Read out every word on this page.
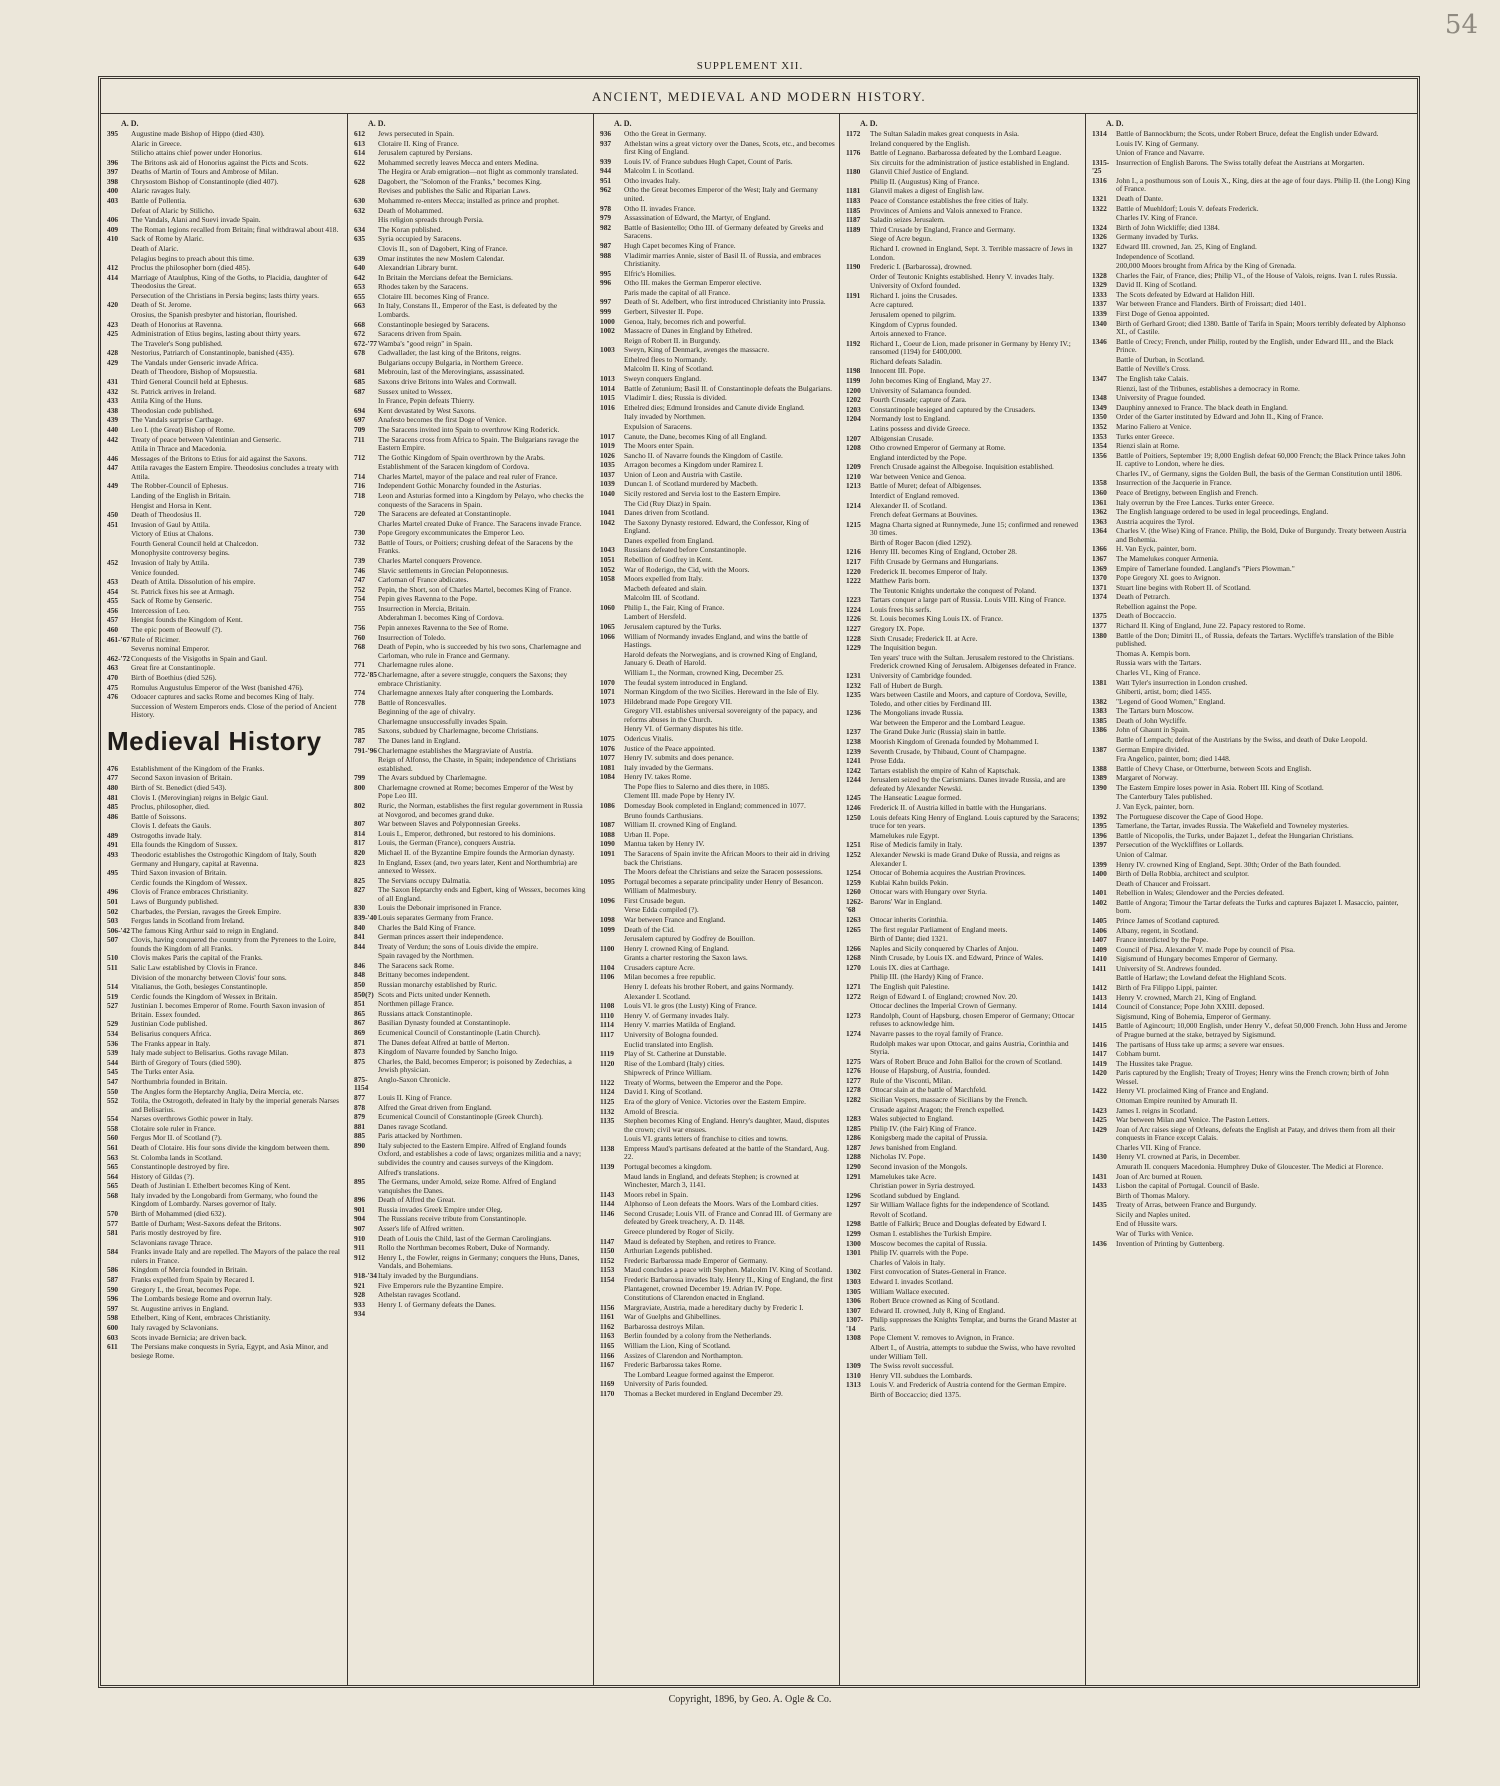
54
SUPPLEMENT XII.
ANCIENT, MEDIEVAL AND MODERN HISTORY.
A. D.
395	Augustine made Bishop of Hippo (died 430).
Alaric in Greece.
Stilicho attains chief power under Honorius.
396	The Britons ask aid of Honorius against the Picts and Scots.
397	Deaths of Martin of Tours and Ambrose of Milan.
398	Chrysostom Bishop of Constantinople (died 407).
400	Alaric ravages Italy.
403	Battle of Pollentia.
Defeat of Alaric by Stilicho.
406	The Vandals, Alani and Suevi invade Spain.
409	The Roman legions recalled from Britain; final withdrawal about 418.
410	Sack of Rome by Alaric.
Death of Alaric.
Pelagius begins to preach about this time.
412	Proclus the philosopher born (died 485).
414	Marriage of Ataulphus, King of the Goths, to Placidia, daughter of Theodosius the Great.
Persecution of the Christians in Persia begins; lasts thirty years.
420	Death of St. Jerome.
Orosius, the Spanish presbyter and historian, flourished.
423	Death of Honorius at Ravenna.
425	Administration of Etius begins, lasting about thirty years.
The Traveler's Song published.
428	Nestorius, Patriarch of Constantinople, banished (435).
429	The Vandals under Genseric invade Africa.
Death of Theodore, Bishop of Mopsuestia.
431	Third General Council held at Ephesus.
432	St. Patrick arrives in Ireland.
433	Attila King of the Huns.
438	Theodosian code published.
439	The Vandals surprise Carthage.
440	Leo I. (the Great) Bishop of Rome.
442	Treaty of peace between Valentinian and Genseric.
Attila in Thrace and Macedonia.
446	Messages of the Britons to Etius for aid against the Saxons.
447	Attila ravages the Eastern Empire. Theodosius concludes a treaty with Attila.
449	The Robber-Council of Ephesus.
Landing of the English in Britain.
Hengist and Horsa in Kent.
450	Death of Theodosius II.
451	Invasion of Gaul by Attila.
Victory of Etius at Chalons.
Fourth General Council held at Chalcedon.
Monophysite controversy begins.
452	Invasion of Italy by Attila.
Venice founded.
453	Death of Attila. Dissolution of his empire.
454	St. Patrick fixes his see at Armagh.
455	Sack of Rome by Genseric.
456	Intercession of Leo.
457	Hengist founds the Kingdom of Kent.
460	The epic poem of Beowulf (?).
461-'67 Rule of Ricimer.
Severus nominal Emperor.
462-'72 Conquests of the Visigoths in Spain and Gaul.
463	Great fire at Constantinople.
470	Birth of Boethius (died 526).
475	Romulus Augustulus Emperor of the West (banished 476).
476	Odoacer captures and sacks Rome and becomes King of Italy.
Succession of Western Emperors ends. Close of the period of Ancient History.
Medieval History
476	Establishment of the Kingdom of the Franks.
477	Second Saxon invasion of Britain.
480	Birth of St. Benedict (died 543).
481	Clovis I. (Merovingian) reigns in Belgic Gaul.
485	Proclus, philosopher, died.
486	Battle of Soissons.
Clovis I. defeats the Gauls.
489	Ostrogoths invade Italy.
491	Ella founds the Kingdom of Sussex.
493	Theodoric establishes the Ostrogothic Kingdom of Italy, South Germany and Hungary, capital at Ravenna.
495	Third Saxon invasion of Britain.
Cerdic founds the Kingdom of Wessex.
496	Clovis of France embraces Christianity.
501	Laws of Burgundy published.
502	Charbades, the Persian, ravages the Greek Empire.
503	Fergus lands in Scotland from Ireland.
506-'42 The famous King Arthur said to reign in England.
507	Clovis, having conquered the country from the Pyrenees to the Loire, founds the Kingdom of all Franks.
510	Clovis makes Paris the capital of the Franks.
511	Salic Law established by Clovis in France.
Division of the monarchy between Clovis' four sons.
514	Vitalianus, the Goth, besieges Constantinople.
519	Cerdic founds the Kingdom of Wessex in Britain.
527	Justinian I. becomes Emperor of Rome. Fourth Saxon invasion of Britain. Essex founded.
529	Justinian Code published.
534	Belisarius conquers Africa.
536	The Franks appear in Italy.
539	Italy made subject to Belisarius. Goths ravage Milan.
544	Birth of Gregory of Tours (died 590).
545	The Turks enter Asia.
547	Northumbria founded in Britain.
550	The Angles form the Heptarchy Anglia, Deira Mercia, etc.
552	Totila, the Ostrogoth, defeated in Italy by the imperial generals Narses and Belisarius.
554	Narses overthrows Gothic power in Italy.
558	Clotaire sole ruler in France.
560	Fergus Mor II. of Scotland (?).
561	Death of Clotaire. His four sons divide the kingdom between them.
563	St. Colomba lands in Scotland.
565	Constantinople destroyed by fire.
564	History of Gildas (?).
565	Death of Justinian I. Ethelbert becomes King of Kent.
568	Italy invaded by the Longobardi from Germany, who found the Kingdom of Lombardy. Narses governor of Italy.
570	Birth of Mohammed (died 632).
577	Battle of Durham; West-Saxons defeat the Britons.
581	Paris mostly destroyed by fire.
Sclavonians ravage Thrace.
584	Franks invade Italy and are repelled. The Mayors of the palace the real rulers in France.
586	Kingdom of Mercia founded in Britain.
587	Franks expelled from Spain by Recared I.
590	Gregory I., the Great, becomes Pope.
596	The Lombards besiege Rome and overrun Italy.
597	St. Augustine arrives in England.
598	Ethelbert, King of Kent, embraces Christianity.
600	Italy ravaged by Sclavonians.
603	Scots invade Bernicia; are driven back.
611	The Persians make conquests in Syria, Egypt, and Asia Minor, and besiege Rome.
A. D.
612	Jews persecuted in Spain.
613	Clotaire II. King of France.
614	Jerusalem captured by Persians.
622	Mohammed secretly leaves Mecca and enters Medina.
The Hegira or Arab emigration—not flight as commonly translated.
628	Dagobert, the "Solomon of the Franks," becomes King.
Revises and publishes the Salic and Riparian Laws.
630	Mohammed re-enters Mecca; installed as prince and prophet.
632	Death of Mohammed.
His religion spreads through Persia.
634	The Koran published.
635	Syria occupied by Saracens.
Clovis II., son of Dagobert, King of France.
639	Omar institutes the new Moslem Calendar.
640	Alexandrian Library burnt.
642	In Britain the Mercians defeat the Bernicians.
653	Rhodes taken by the Saracens.
655	Clotaire III. becomes King of France.
663	In Italy, Constans II., Emperor of the East, is defeated by the Lombards.
668	Constantinople besieged by Saracens.
672	Saracens driven from Spain.
672-'77 Wamba's "good reign" in Spain.
678	Cadwallader, the last king of the Britons, reigns.
Bulgarians occupy Bulgaria, in Northern Greece.
681	Mebrouin, last of the Merovingians, assassinated.
685	Saxons drive Britons into Wales and Cornwall.
687	Sussex united to Wessex.
In France, Pepin defeats Thierry.
694	Kent devastated by West Saxons.
697	Anafesto becomes the first Doge of Venice.
709	The Saracens invited into Spain to overthrow King Roderick.
711	The Saracens cross from Africa to Spain. The Bulgarians ravage the Eastern Empire.
712	The Gothic Kingdom of Spain overthrown by the Arabs.
Establishment of the Saracen kingdom of Cordova.
714	Charles Martel, mayor of the palace and real ruler of France.
716	Independent Gothic Monarchy founded in the Asturias.
718	Leon and Asturias formed into a Kingdom by Pelayo, who checks the conquests of the Saracens in Spain.
720	The Saracens are defeated at Constantinople.
Charles Martel created Duke of France. The Saracens invade France.
730	Pope Gregory excommunicates the Emperor Leo.
732	Battle of Tours, or Poitiers; crushing defeat of the Saracens by the Franks.
739	Charles Martel conquers Provence.
746	Slavic settlements in Grecian Peloponnesus.
747	Carloman of France abdicates.
752	Pepin, the Short, son of Charles Martel, becomes King of France.
754	Pepin gives Ravenna to the Pope.
755	Insurrection in Mercia, Britain.
Abderahman I. becomes King of Cordova.
756	Pepin annexes Ravenna to the See of Rome.
760	Insurrection of Toledo.
768	Death of Pepin, who is succeeded by his two sons, Charlemagne and Carloman, who rule in France and Germany.
771	Charlemagne rules alone.
772-'85 Charlemagne, after a severe struggle, conquers the Saxons; they embrace Christianity.
774	Charlemagne annexes Italy after conquering the Lombards.
778	Battle of Roncesvalles.
Beginning of the age of chivalry.
Charlemagne unsuccessfully invades Spain.
785	Saxons, subdued by Charlemagne, become Christians.
787	The Danes land in England.
791-'96 Charlemagne establishes the Margraviate of Austria.
Reign of Alfonso, the Chaste, in Spain; independence of Christians established.
799	The Avars subdued by Charlemagne.
800	Charlemagne crowned at Rome; becomes Emperor of the West by Pope Leo III.
802	Ruric, the Norman, establishes the first regular government in Russia at Novgorod, and becomes grand duke.
807	War between Slaves and Polyponnesian Greeks.
814	Louis I., Emperor, dethroned, but restored to his dominions.
817	Louis, the German (France), conquers Austria.
820	Michael II. of the Byzantine Empire founds the Armorian dynasty.
823	In England, Essex (and, two years later, Kent and Northumbria) are annexed to Wessex.
825	The Servians occupy Dalmatia.
827	The Saxon Heptarchy ends and Egbert, king of Wessex, becomes king of all England.
830	Louis the Debonair imprisoned in France.
839-'40 Louis separates Germany from France.
840	Charles the Bald King of France.
841	German princes assert their independence.
844	Treaty of Verdun; the sons of Louis divide the empire.
Spain ravaged by the Northmen.
846	The Saracens sack Rome.
848	Brittany becomes independent.
850	Russian monarchy established by Ruric.
850(?) Scots and Picts united under Kenneth.
851	Northmen pillage France.
865	Russians attack Constantinople.
867	Basilian Dynasty founded at Constantinople.
869	Ecumenical Council of Constantinople (Latin Church).
871	The Danes defeat Alfred at battle of Merton.
873	Kingdom of Navarre founded by Sancho Inigo.
875	Charles, the Bald, becomes Emperor; is poisoned by Zedechias, a Jewish physician.
875-1154
Anglo-Saxon Chronicle.
877	Louis II. King of France.
878	Alfred the Great driven from England.
879	Ecumenical Council of Constantinople (Greek Church).
881	Danes ravage Scotland.
885	Paris attacked by Northmen.
890	Italy subjected to the Eastern Empire. Alfred of England founds Oxford, and establishes a code of laws; organizes militia and a navy; subdivides the country and causes surveys of the Kingdom.
Alfred's translations.
895	The Germans, under Arnold, seize Rome. Alfred of England vanquishes the Danes.
896	Death of Alfred the Great.
901	Russia invades Greek Empire under Oleg.
904	The Russians receive tribute from Constantinople.
907	Asser's life of Alfred written.
910	Death of Louis the Child, last of the German Carolingians.
911	Rollo the Northman becomes Robert, Duke of Normandy.
912	Henry I., the Fowler, reigns in Germany; conquers the Huns, Danes, Vandals, and Bohemians.
918-'34 Italy invaded by the Burgundians.
921	Five Emperors rule the Byzantine Empire.
928	Athelstan ravages Scotland.
933	Henry I. of Germany defeats the Danes.
934
A. D.
936	Otho the Great in Germany.
937	Athelstan wins a great victory over the Danes, Scots, etc., and becomes first King of England.
939	Louis IV. of France subdues Hugh Capet, Count of Paris.
944	Malcolm I. in Scotland.
951	Otho invades Italy.
962	Otho the Great becomes Emperor of the West; Italy and Germany united.
978	Otho II. invades France.
979	Assassination of Edward, the Martyr, of England.
982	Battle of Basientello; Otho III. of Germany defeated by Greeks and Saracens.
987	Hugh Capet becomes King of France.
988	Vladimir marries Annie, sister of Basil II. of Russia, and embraces Christianity.
995	Elfric's Homilies.
996	Otho III. makes the German Emperor elective.
Paris made the capital of all France.
997	Death of St. Adelbert, who first introduced Christianity into Prussia.
999	Gerbert, Silvester II. Pope.
1000	Genoa, Italy, becomes rich and powerful.
1002	Massacre of Danes in England by Ethelred.
Reign of Robert II. in Burgundy.
1003	Sweyn, King of Denmark, avenges the massacre.
Ethelred flees to Normandy.
Malcolm II. King of Scotland.
1013	Sweyn conquers England.
1014	Battle of Zetunium; Basil II. of Constantinople defeats the Bulgarians.
1015	Vladimir I. dies; Russia is divided.
1016	Ethelred dies; Edmund Ironsides and Canute divide England.
Italy invaded by Northmen.
Expulsion of Saracens.
1017	Canute, the Dane, becomes King of all England.
1019	The Moors enter Spain.
1026	Sancho II. of Navarre founds the Kingdom of Castile.
1035	Arragon becomes a Kingdom under Ramirez I.
1037	Union of Leon and Austria with Castile.
1039	Duncan I. of Scotland murdered by Macbeth.
1040	Sicily restored and Servia lost to the Eastern Empire.
The Cid (Ruy Diaz) in Spain.
1041	Danes driven from Scotland.
1042	The Saxony Dynasty restored. Edward, the Confessor, King of England.
Danes expelled from England.
1043	Russians defeated before Constantinople.
1051	Rebellion of Godfrey in Kent.
1052	War of Roderigo, the Cid, with the Moors.
1058	Moors expelled from Italy.
Macbeth defeated and slain.
Malcolm III. of Scotland.
1060	Philip I., the Fair, King of France.
Lambert of Hersfeld.
1065	Jerusalem captured by the Turks.
1066	William of Normandy invades England, and wins the battle of Hastings.
Harold defeats the Norwegians, and is crowned King of England, January 6. Death of Harold.
William I., the Norman, crowned King, December 25.
1070	The feudal system introduced in England.
1071	Norman Kingdom of the two Sicilies. Hereward in the Isle of Ely.
1073	Hildebrand made Pope Gregory VII.
Gregory VII. establishes universal sovereignty of the papacy, and reforms abuses in the Church.
Henry VI. of Germany disputes his title.
1075	Odericus Vitalis.
1076	Justice of the Peace appointed.
1077	Henry IV. submits and does penance.
1081	Italy invaded by the Germans.
1084	Henry IV. takes Rome.
The Pope flies to Salerno and dies there, in 1085.
Clement III. made Pope by Henry IV.
1086	Domesday Book completed in England; commenced in 1077.
Bruno founds Carthusians.
1087	William II. crowned King of England.
1088	Urban II. Pope.
1090	Mantua taken by Henry IV.
1091	The Saracens of Spain invite the African Moors to their aid in driving back the Christians.
The Moors defeat the Christians and seize the Saracen possessions.
1095	Portugal becomes a separate principality under Henry of Besancon.
William of Malmesbury.
1096	First Crusade begun.
Verse Edda compiled (?).
1098	War between France and England.
1099	Death of the Cid.
Jerusalem captured by Godfrey de Bouillon.
1100	Henry I. crowned King of England.
Grants a charter restoring the Saxon laws.
1104	Crusaders capture Acre.
1106	Milan becomes a free republic.
Henry I. defeats his brother Robert, and gains Normandy.
Alexander I. Scotland.
1108	Louis VI. le gros (the Lusty) King of France.
1110	Henry V. of Germany invades Italy.
1114	Henry V. marries Matilda of England.
1117	University of Bologna founded.
Euclid translated into English.
1119	Play of St. Catherine at Dunstable.
1120	Rise of the Lombard (Italy) cities.
Shipwreck of Prince William.
1122	Treaty of Worms, between the Emperor and the Pope.
1124	David I. King of Scotland.
1125	Era of the glory of Venice. Victories over the Eastern Empire.
1132	Arnold of Brescia.
1135	Stephen becomes King of England. Henry's daughter, Maud, disputes the crown; civil war ensues.
Louis VI. grants letters of franchise to cities and towns.
1138	Empress Maud's partisans defeated at the battle of the Standard, Aug. 22.
1139	Portugal becomes a kingdom.
Maud lands in England, and defeats Stephen; is crowned at Winchester, March 3, 1141.
1143	Moors rebel in Spain.
1144	Alphonso of Leon defeats the Moors. Wars of the Lombard cities.
1146	Second Crusade; Louis VII. of France and Conrad III. of Germany are defeated by Greek treachery, A. D. 1148.
Greece plundered by Roger of Sicily.
1147	Maud is defeated by Stephen, and retires to France.
1150	Arthurian Legends published.
1152	Frederic Barbarossa made Emperor of Germany.
1153	Maud concludes a peace with Stephen. Malcolm IV. King of Scotland.
1154	Frederic Barbarossa invades Italy. Henry II., King of England, the first Plantagenet, crowned December 19. Adrian IV. Pope.
Constitutions of Clarendon enacted in England.
1156	Margraviate, Austria, made a hereditary duchy by Frederic I.
1161	War of Guelphs and Ghibellines.
1162	Barbarossa destroys Milan.
1163	Berlin founded by a colony from the Netherlands.
1165	William the Lion, King of Scotland.
1166	Assizes of Clarendon and Northampton.
1167	Frederic Barbarossa takes Rome.
The Lombard League formed against the Emperor.
1169	University of Paris founded.
1170	Thomas a Becket murdered in England December 29.
A. D.
1172	The Sultan Saladin makes great conquests in Asia.
Ireland conquered by the English.
1176	Battle of Legnano. Barbarossa defeated by the Lombard League.
Six circuits for the administration of justice established in England.
1180	Glanvil Chief Justice of England.
Philip II. (Augustus) King of France.
1181	Glanvil makes a digest of English law.
1183	Peace of Constance establishes the free cities of Italy.
1185	Provinces of Amiens and Valois annexed to France.
1187	Saladin seizes Jerusalem.
1189	Third Crusade by England, France and Germany.
Siege of Acre begun.
Richard I. crowned in England, Sept. 3. Terrible massacre of Jews in London.
1190	Frederic I. (Barbarossa), drowned.
Order of Teutonic Knights established. Henry V. invades Italy.
University of Oxford founded.
1191	Richard I. joins the Crusades.
Acre captured.
Jerusalem opened to pilgrim.
Kingdom of Cyprus founded.
Artois annexed to France.
1192	Richard I., Coeur de Lion, made prisoner in Germany by Henry IV.; ransomed (1194) for £400,000.
Richard defeats Saladin.
1198	Innocent III. Pope.
1199	John becomes King of England, May 27.
1200	University of Salamanca founded.
1202	Fourth Crusade; capture of Zara.
1203	Constantinople besieged and captured by the Crusaders.
1204	Normandy lost to England.
Latins possess and divide Greece.
1207	Albigensian Crusade.
1208	Otho crowned Emperor of Germany at Rome.
England interdicted by the Pope.
1209	French Crusade against the Albegoise. Inquisition established.
1210	War between Venice and Genoa.
1213	Battle of Muret; defeat of Albigenses.
Interdict of England removed.
1214	Alexander II. of Scotland.
French defeat Germans at Bouvines.
1215	Magna Charta signed at Runnymede, June 15; confirmed and renewed 30 times.
Birth of Roger Bacon (died 1292).
1216	Henry III. becomes King of England, October 28.
1217	Fifth Crusade by Germans and Hungarians.
1220	Frederick II. becomes Emperor of Italy.
1222	Matthew Paris born.
The Teutonic Knights undertake the conquest of Poland.
1223	Tartars conquer a large part of Russia. Louis VIII. King of France.
1224	Louis frees his serfs.
1226	St. Louis becomes King Louis IX. of France.
1227	Gregory IX. Pope.
1228	Sixth Crusade; Frederick II. at Acre.
1229	The Inquisition begun.
Ten years' truce with the Sultan. Jerusalem restored to the Christians. Frederick crowned King of Jerusalem. Albigenses defeated in France.
1231	University of Cambridge founded.
1232	Fall of Hubert de Burgh.
1235	Wars between Castile and Moors, and capture of Cordova, Seville, Toledo, and other cities by Ferdinand III.
1236	The Mongolians invade Russia.
War between the Emperor and the Lombard League.
1237	The Grand Duke Juric (Russia) slain in battle.
1238	Moorish Kingdom of Grenada founded by Mohammed I.
1239	Seventh Crusade, by Thibaud, Count of Champagne.
1241	Prose Edda.
1242	Tartars establish the empire of Kahn of Kaptschak.
1244	Jerusalem seized by the Carismians. Danes invade Russia, and are defeated by Alexander Newski.
1245	The Hanseatic League formed.
1246	Frederick II. of Austria killed in battle with the Hungarians.
1250	Louis defeats King Henry of England. Louis captured by the Saracens; truce for ten years.
Mamelukes rule Egypt.
1251	Rise of Medicis family in Italy.
1252	Alexander Newski is made Grand Duke of Russia, and reigns as Alexander I.
1254	Ottocar of Bohemia acquires the Austrian Provinces.
1259	Kublai Kahn builds Pekin.
1260	Ottocar wars with Hungary over Styria.
1262-'68
Barons' War in England.
1263	Ottocar inherits Corinthia.
1265	The first regular Parliament of England meets.
Birth of Dante; died 1321.
1266	Naples and Sicily conquered by Charles of Anjou.
1268	Ninth Crusade, by Louis IX. and Edward, Prince of Wales.
1270	Louis IX. dies at Carthage.
Philip III. (the Hardy) King of France.
1271	The English quit Palestine.
1272	Reign of Edward I. of England; crowned Nov. 20.
Ottocar declines the Imperial Crown of Germany.
1273	Randolph, Count of Hapsburg, chosen Emperor of Germany; Ottocar refuses to acknowledge him.
1274	Navarre passes to the royal family of France.
Rudolph makes war upon Ottocar, and gains Austria, Corinthia and Styria.
1275	Wars of Robert Bruce and John Balloi for the crown of Scotland.
1276	House of Hapsburg, of Austria, founded.
1277	Rule of the Visconti, Milan.
1278	Ottocar slain at the battle of Marchfeld.
1282	Sicilian Vespers, massacre of Sicilians by the French.
Crusade against Aragon; the French expelled.
1283	Wales subjected to England.
1285	Philip IV. (the Fair) King of France.
1286	Konigsberg made the capital of Prussia.
1287	Jews banished from England.
1288	Nicholas IV. Pope.
1290	Second invasion of the Mongols.
1291	Mamelukes take Acre.
Christian power in Syria destroyed.
1296	Scotland subdued by England.
1297	Sir William Wallace fights for the independence of Scotland.
Revolt of Scotland.
1298	Battle of Falkirk; Bruce and Douglas defeated by Edward I.
1299	Osman I. establishes the Turkish Empire.
1300	Moscow becomes the capital of Russia.
1301	Philip IV. quarrels with the Pope.
Charles of Valois in Italy.
1302	First convocation of States-General in France.
1303	Edward I. invades Scotland.
1305	William Wallace executed.
1306	Robert Bruce crowned as King of Scotland.
1307	Edward II. crowned, July 8, King of England.
1307-'14
Philip suppresses the Knights Templar, and burns the Grand Master at Paris.
1308	Pope Clement V. removes to Avignon, in France.
Albert I., of Austria, attempts to subdue the Swiss, who have revolted under William Tell.
1309	The Swiss revolt successful.
1310	Henry VII. subdues the Lombards.
1313	Louis V. and Frederick of Austria contend for the German Empire.
Birth of Boccaccio; died 1375.
A. D.
1314	Battle of Bannockburn; the Scots, under Robert Bruce, defeat the English under Edward.
Louis IV. King of Germany.
Union of France and Navarre.
1315-'25
Insurrection of English Barons. The Swiss totally defeat the Austrians at Morgarten.
1316	John I., a posthumous son of Louis X., King, dies at the age of four days. Philip II. (the Long) King of France.
1321	Death of Dante.
1322	Battle of Muehldorf; Louis V. defeats Frederick.
Charles IV. King of France.
1324	Birth of John Wickliffe; died 1384.
1326	Germany invaded by Turks.
1327	Edward III. crowned, Jan. 25, King of England.
Independence of Scotland.
200,000 Moors brought from Africa by the King of Grenada.
1328	Charles the Fair, of France, dies; Philip VI., of the House of Valois, reigns. Ivan I. rules Russia.
1329	David II. King of Scotland.
1333	The Scots defeated by Edward at Halidon Hill.
1337	War between France and Flanders. Birth of Froissart; died 1401.
1339	First Doge of Genoa appointed.
1340	Birth of Gerhard Groot; died 1380. Battle of Tarifa in Spain; Moors terribly defeated by Alphonso XI., of Castile.
1346	Battle of Crecy; French, under Philip, routed by the English, under Edward III., and the Black Prince.
Battle of Durban, in Scotland.
Battle of Neville's Cross.
1347	The English take Calais.
Rienzi, last of the Tribunes, establishes a democracy in Rome.
1348	University of Prague founded.
1349	Dauphiny annexed to France. The black death in England.
1350	Order of the Garter instituted by Edward and John II., King of France.
1352	Marino Faliero at Venice.
1353	Turks enter Greece.
1354	Rienzi slain at Rome.
1356	Battle of Poitiers, September 19; 8,000 English defeat 60,000 French; the Black Prince takes John II. captive to London, where he dies.
Charles IV., of Germany, signs the Golden Bull, the basis of the German Constitution until 1806.
1358	Insurrection of the Jacquerie in France.
1360	Peace of Bretigny, between English and French.
1361	Italy overrun by the Free Lances. Turks enter Greece.
1362	The English language ordered to be used in legal proceedings, England.
1363	Austria acquires the Tyrol.
1364	Charles V. (the Wise) King of France. Philip, the Bold, Duke of Burgundy. Treaty between Austria and Bohemia.
1366	H. Van Eyck, painter, born.
1367	The Mamelukes conquer Armenia.
1369	Empire of Tamerlane founded. Langland's "Piers Plowman."
1370	Pope Gregory XI. goes to Avignon.
1371	Stuart line begins with Robert II. of Scotland.
1374	Death of Petrarch.
Rebellion against the Pope.
1375	Death of Boccaccio.
1377	Richard II. King of England, June 22. Papacy restored to Rome.
1380	Battle of the Don; Dimitri II., of Russia, defeats the Tartars. Wycliffe's translation of the Bible published.
Thomas A. Kempis born.
Russia wars with the Tartars.
Charles VI., King of France.
1381	Watt Tyler's insurrection in London crushed.
Ghiberti, artist, born; died 1455.
1382	"Legend of Good Women," England.
1383	The Tartars burn Moscow.
1385	Death of John Wycliffe.
1386	John of Ghaunt in Spain.
Battle of Lempach; defeat of the Austrians by the Swiss, and death of Duke Leopold.
1387	German Empire divided.
Fra Angelico, painter, born; died 1448.
1388	Battle of Chevy Chase, or Otterburne, between Scots and English.
1389	Margaret of Norway.
1390	The Eastern Empire loses power in Asia. Robert III. King of Scotland.
The Canterbury Tales published.
J. Van Eyck, painter, born.
1392	The Portuguese discover the Cape of Good Hope.
1395	Tamerlane, the Tartar, invades Russia. The Wakefield and Towneley mysteries.
1396	Battle of Nicopolis, the Turks, under Bajazet I., defeat the Hungarian Christians.
1397	Persecution of the Wyckliffites or Lollards.
Union of Calmar.
1399	Henry IV. crowned King of England, Sept. 30th; Order of the Bath founded.
1400	Birth of Della Robbia, architect and sculptor.
Death of Chaucer and Froissart.
1401	Rebellion in Wales; Glendower and the Percies defeated.
1402	Battle of Angora; Timour the Tartar defeats the Turks and captures Bajazet I. Masaccio, painter, born.
1405	Prince James of Scotland captured.
1406	Albany, regent, in Scotland.
1407	France interdicted by the Pope.
1409	Council of Pisa. Alexander V. made Pope by council of Pisa.
1410	Sigismund of Hungary becomes Emperor of Germany.
1411	University of St. Andrews founded.
Battle of Harlaw; the Lowland defeat the Highland Scots.
1412	Birth of Fra Filippo Lippi, painter.
1413	Henry V. crowned, March 21, King of England.
1414	Council of Constance; Pope John XXIII. deposed.
Sigismund, King of Bohemia, Emperor of Germany.
1415	Battle of Agincourt; 10,000 English, under Henry V., defeat 50,000 French. John Huss and Jerome of Prague burned at the stake, betrayed by Sigismund.
1416	The partisans of Huss take up arms; a severe war ensues.
1417	Cobham burnt.
1419	The Hussites take Prague.
1420	Paris captured by the English; Treaty of Troyes; Henry wins the French crown; birth of John Wessel.
1422	Henry VI. proclaimed King of France and England.
Ottoman Empire reunited by Amurath II.
1423	James I. reigns in Scotland.
1425	War between Milan and Venice. The Paston Letters.
1429	Joan of Arc raises siege of Orleans, defeats the English at Patay, and drives them from all their conquests in France except Calais.
Charles VII. King of France.
1430	Henry VI. crowned at Paris, in December.
Amurath II. conquers Macedonia. Humphrey Duke of Gloucester. The Medici at Florence.
1431	Joan of Arc burned at Rouen.
1433	Lisbon the capital of Portugal. Council of Basle.
Birth of Thomas Malory.
1435	Treaty of Arras, between France and Burgundy.
Sicily and Naples united.
End of Hussite wars.
War of Turks with Venice.
1436	Invention of Printing by Guttenberg.
Copyright, 1896, by Geo. A. Ogle & Co.
